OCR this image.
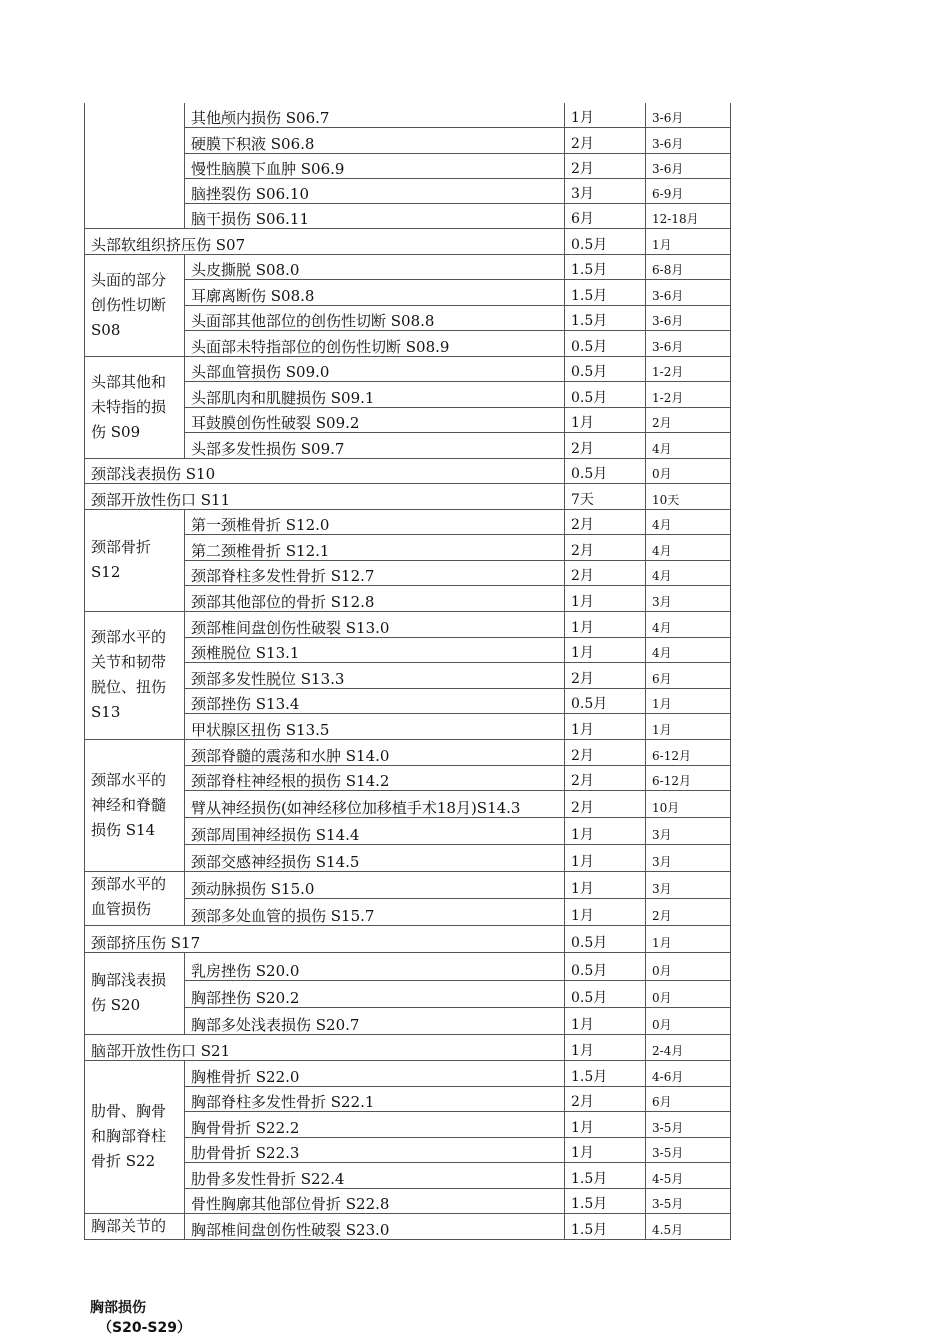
	其他颅内损伤 S06.7	1月	3-6月
	硬膜下积液 S06.8	2月	3-6月
	慢性脑膜下血肿 S06.9	2月	3-6月
	脑挫裂伤 S06.10	3月	6-9月
	脑干损伤 S06.11	6月	12-18月
头部软组织挤压伤 S07		0.5月	1月

头面的部分创伤性切断 S08	头皮撕脱 S08.0	1.5月	6-8月
	耳廓离断伤 S08.8	1.5月	3-6月
	头面部其他部位的创伤性切断 S08.8	1.5月	3-6月
	头面部未特指部位的创伤性切断 S08.9	0.5月	3-6月

头部其他和未特指的损伤 S09	头部血管损伤 S09.0	0.5月	1-2月
	头部肌肉和肌腱损伤 S09.1	0.5月	1-2月
	耳鼓膜创伤性破裂 S09.2	1月	2月
	头部多发性损伤 S09.7	2月	4月
颈部浅表损伤 S10		0.5月	0月
颈部开放性伤口 S11		7天	10天

颈部骨折 S12	第一颈椎骨折 S12.0	2月	4月
	第二颈椎骨折 S12.1	2月	4月
	颈部脊柱多发性骨折 S12.7	2月	4月
	颈部其他部位的骨折 S12.8	1月	3月

颈部水平的关节和韧带脱位、扭伤 S13	颈部椎间盘创伤性破裂 S13.0	1月	4月
	颈椎脱位 S13.1	1月	4月
	颈部多发性脱位 S13.3	2月	6月
	颈部挫伤 S13.4	0.5月	1月
	甲状腺区扭伤 S13.5	1月	1月

颈部水平的神经和脊髓损伤 S14	颈部脊髓的震荡和水肿 S14.0	2月	6-12月
	颈部脊柱神经根的损伤 S14.2	2月	6-12月
	臂从神经损伤(如神经移位加移植手术18月)S14.3	2月	10月
	颈部周围神经损伤 S14.4	1月	3月
	颈部交感神经损伤 S14.5	1月	3月

颈部水平的血管损伤	颈动脉损伤 S15.0	1月	3月
	颈部多处血管的损伤 S15.7	1月	2月
颈部挤压伤 S17		0.5月	1月

胸部浅表损伤 S20	乳房挫伤 S20.0	0.5月	0月
	胸部挫伤 S20.2	0.5月	0月
	胸部多处浅表损伤 S20.7	1月	0月
脑部开放性伤口 S21		1月	2-4月

肋骨、胸骨和胸部脊柱骨折 S22	胸椎骨折 S22.0	1.5月	4-6月
	胸部脊柱多发性骨折 S22.1	2月	6月
	胸骨骨折 S22.2	1月	3-5月
	肋骨骨折 S22.3	1月	3-5月
	肋骨多发性骨折 S22.4	1.5月	4-5月
	骨性胸廓其他部位骨折 S22.8	1.5月	3-5月

胸部关节的	胸部椎间盘创伤性破裂 S23.0	1.5月	4.5月
胸部损伤
（S20-S29）
